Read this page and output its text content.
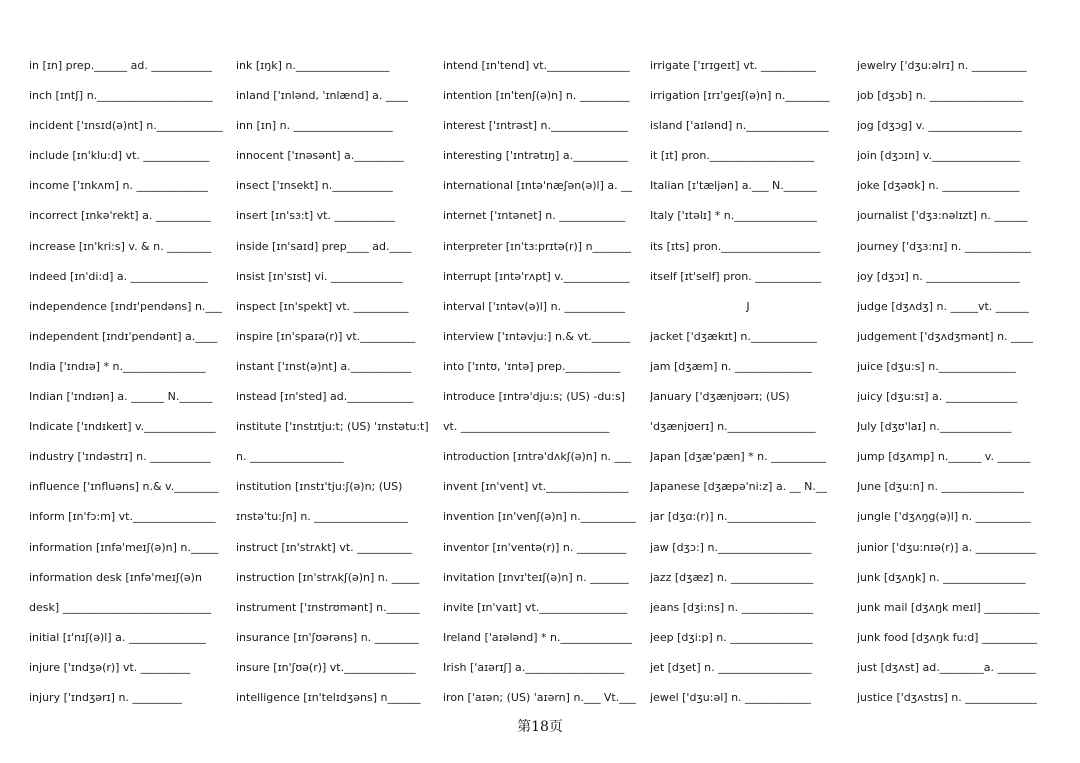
in [ɪn] prep.______ ad. ___________
inch [ɪntʃ] n._____________________
incident ['ɪnsɪd(ə)nt] n.____________
include [ɪn'klu:d] vt. ____________
income ['ɪnkʌm] n. _____________
incorrect [ɪnkə'rekt] a. __________
increase [ɪn'kri:s] v. & n. ________
indeed [ɪn'di:d] a. ______________
independence [ɪndɪ'pendəns] n.___
independent [ɪndɪ'pendənt] a.____
India ['ɪndɪə] * n._______________
Indian ['ɪndɪən] a. ______ N.______
Indicate ['ɪndɪkeɪt] v._____________
industry ['ɪndəstrɪ] n. ___________
influence ['ɪnfluəns] n.& v.________
inform [ɪn'fɔ:m] vt._______________
information [ɪnfə'meɪʃ(ə)n] n._____
information desk [ɪnfə'meɪʃ(ə)n
desk] ___________________________
initial [ɪ'nɪʃ(ə)l] a. ______________
injure ['ɪndʒə(r)] vt. _________
injury ['ɪndʒərɪ] n. _________
ink [ɪŋk] n._________________
inland ['ɪnlənd, 'ɪnlænd] a. ____
inn [ɪn] n. __________________
innocent ['ɪnəsənt] a._________
insect ['ɪnsekt] n.___________
insert [ɪn'sɜ:t] vt. ___________
inside [ɪn'saɪd] prep____ ad.____
insist [ɪn'sɪst] vi. _____________
inspect [ɪn'spekt] vt. __________
inspire [ɪn'spaɪə(r)] vt.__________
instant ['ɪnst(ə)nt] a.___________
instead [ɪn'sted] ad.____________
institute ['ɪnstɪtju:t; (US) 'ɪnstətu:t]
n. _________________
institution [ɪnstɪ'tju:ʃ(ə)n; (US)
ɪnstə'tu:ʃn] n. _________________
instruct [ɪn'strʌkt] vt. __________
instruction [ɪn'strʌkʃ(ə)n] n. _____
instrument ['ɪnstrʊmənt] n.______
insurance [ɪn'ʃʊərəns] n. ________
insure [ɪn'ʃʊə(r)] vt._____________
intelligence [ɪn'telɪdʒəns] n______
intend [ɪn'tend] vt._______________
intention [ɪn'tenʃ(ə)n] n. _________
interest ['ɪntrəst] n.______________
interesting ['ɪntrətɪŋ] a.__________
international [ɪntə'næʃən(ə)l] a. __
internet ['ɪntənet] n. ____________
interpreter [ɪn'tɜ:prɪtə(r)] n_______
interrupt [ɪntə'rʌpt] v.____________
interval ['ɪntəv(ə)l] n. ___________
interview ['ɪntəvju:] n.& vt._______
into ['ɪntʊ, 'ɪntə] prep.__________
introduce [ɪntrə'dju:s; (US) -du:s]
vt. ___________________________
introduction [ɪntrə'dʌkʃ(ə)n] n. ___
invent [ɪn'vent] vt._______________
invention [ɪn'venʃ(ə)n] n.__________
inventor [ɪn'ventə(r)] n. _________
invitation [ɪnvɪ'teɪʃ(ə)n] n. _______
invite [ɪn'vaɪt] vt.________________
Ireland ['aɪələnd] * n._____________
Irish ['aɪərɪʃ] a.__________________
iron ['aɪən; (US) 'aɪərn] n.___ Vt.___
irrigate ['ɪrɪgeɪt] vt. __________
irrigation [ɪrɪ'geɪʃ(ə)n] n.________
island ['aɪlənd] n._______________
it [ɪt] pron.___________________
Italian [ɪ'tæljən] a.___ N.______
Italy ['ɪtəlɪ] * n._______________
its [ɪts] pron.__________________
itself [ɪt'self] pron. ____________
J
jacket ['dʒækɪt] n.____________
jam [dʒæm] n. ______________
January ['dʒænjʊərɪ; (US)
'dʒænjʊerɪ] n.________________
Japan [dʒæ'pæn] * n. __________
Japanese [dʒæpə'ni:z] a. __ N.__
jar [dʒɑ:(r)] n.________________
jaw [dʒɔ:] n._________________
jazz [dʒæz] n. _______________
jeans [dʒi:ns] n. _____________
jeep [dʒi:p] n. _______________
jet [dʒet] n. _________________
jewel ['dʒu:əl] n. ____________
jewelry ['dʒu:əlrɪ] n. __________
job [dʒɔb] n. _________________
jog [dʒɔg] v. _________________
join [dʒɔɪn] v.________________
joke [dʒəʊk] n. ______________
journalist ['dʒɜ:nəlɪzt] n. ______
journey ['dʒɜ:nɪ] n. ____________
joy [dʒɔɪ] n. _________________
judge [dʒʌdʒ] n. _____vt. ______
judgement ['dʒʌdʒmənt] n. ____
juice [dʒu:s] n.______________
juicy [dʒu:sɪ] a. _____________
July [dʒʊ'laɪ] n._____________
jump [dʒʌmp] n.______ v. ______
June [dʒu:n] n. _______________
jungle ['dʒʌŋg(ə)l] n. __________
junior ['dʒu:nɪə(r)] a. ___________
junk [dʒʌŋk] n. _______________
junk mail [dʒʌŋk meɪl] __________
junk food [dʒʌŋk fu:d] __________
just [dʒʌst] ad.________a. _______
justice ['dʒʌstɪs] n. _____________
第18页
